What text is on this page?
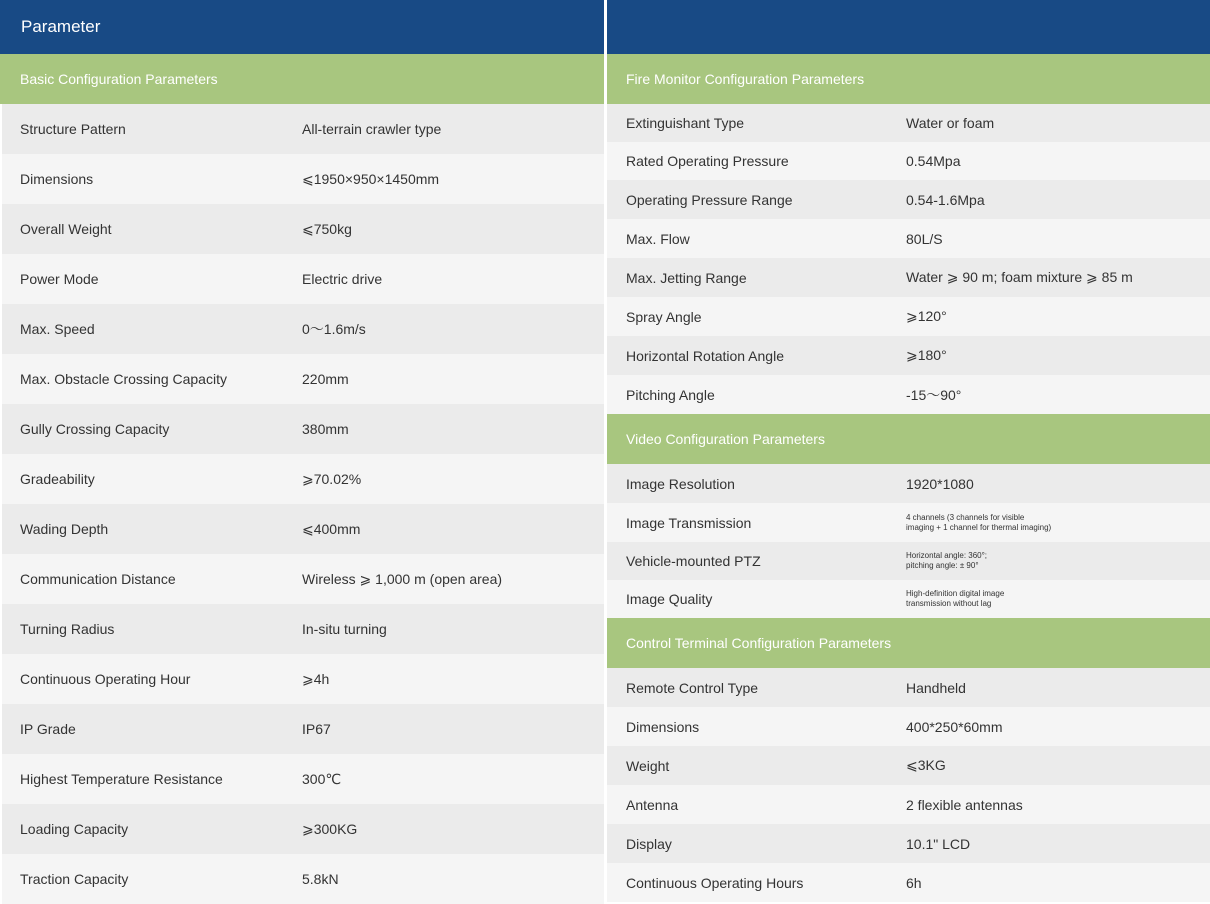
Parameter
Basic Configuration Parameters
Structure Pattern	All-terrain crawler type
Dimensions	⩽1950×950×1450mm
Overall Weight	⩽750kg
Power Mode	Electric drive
Max. Speed	0～1.6m/s
Max. Obstacle Crossing Capacity	220mm
Gully Crossing Capacity	380mm
Gradeability	⩾70.02%
Wading Depth	⩽400mm
Communication Distance	Wireless ⩾ 1,000 m (open area)
Turning Radius	In-situ turning
Continuous Operating Hour	⩾4h
IP Grade	IP67
Highest Temperature Resistance	300℃
Loading Capacity	⩾300KG
Traction Capacity	5.8kN
Fire Monitor Configuration Parameters
Extinguishant Type	Water or foam
Rated Operating Pressure	0.54Mpa
Operating Pressure Range	0.54-1.6Mpa
Max. Flow	80L/S
Max. Jetting Range	Water ⩾ 90 m; foam mixture ⩾ 85 m
Spray Angle	⩾120°
Horizontal Rotation Angle	⩾180°
Pitching Angle	-15～90°
Video Configuration Parameters
Image Resolution	1920*1080
Image Transmission	4 channels (3 channels for visible
imaging + 1 channel for thermal imaging)
Vehicle-mounted PTZ	Horizontal angle: 360°;
pitching angle: ± 90°
Image Quality	High-definition digital image
transmission without lag
Control Terminal Configuration Parameters
Remote Control Type	Handheld
Dimensions	400*250*60mm
Weight	⩽3KG
Antenna	2 flexible antennas
Display	10.1" LCD
Continuous Operating Hours	6h
